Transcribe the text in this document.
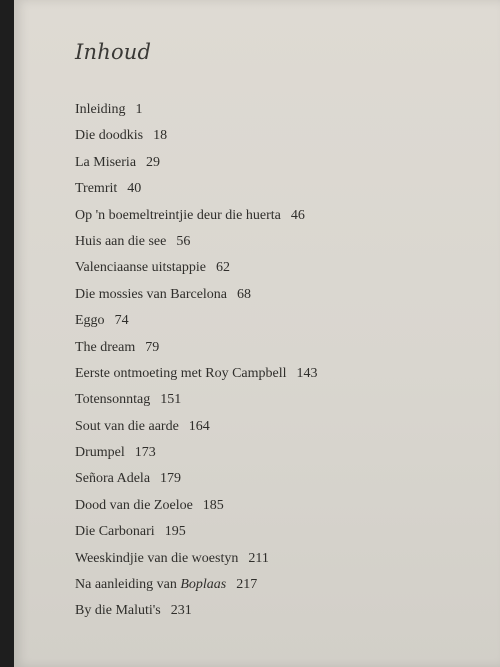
Inhoud
Inleiding 1
Die doodkis 18
La Miseria 29
Tremrit 40
Op 'n boemeltreintjie deur die huerta 46
Huis aan die see 56
Valenciaanse uitstappie 62
Die mossies van Barcelona 68
Eggo 74
The dream 79
Eerste ontmoeting met Roy Campbell 143
Totensonntag 151
Sout van die aarde 164
Drumpel 173
Señora Adela 179
Dood van die Zoeloe 185
Die Carbonari 195
Weeskindjie van die woestyn 211
Na aanleiding van Boplaas 217
By die Maluti's 231
